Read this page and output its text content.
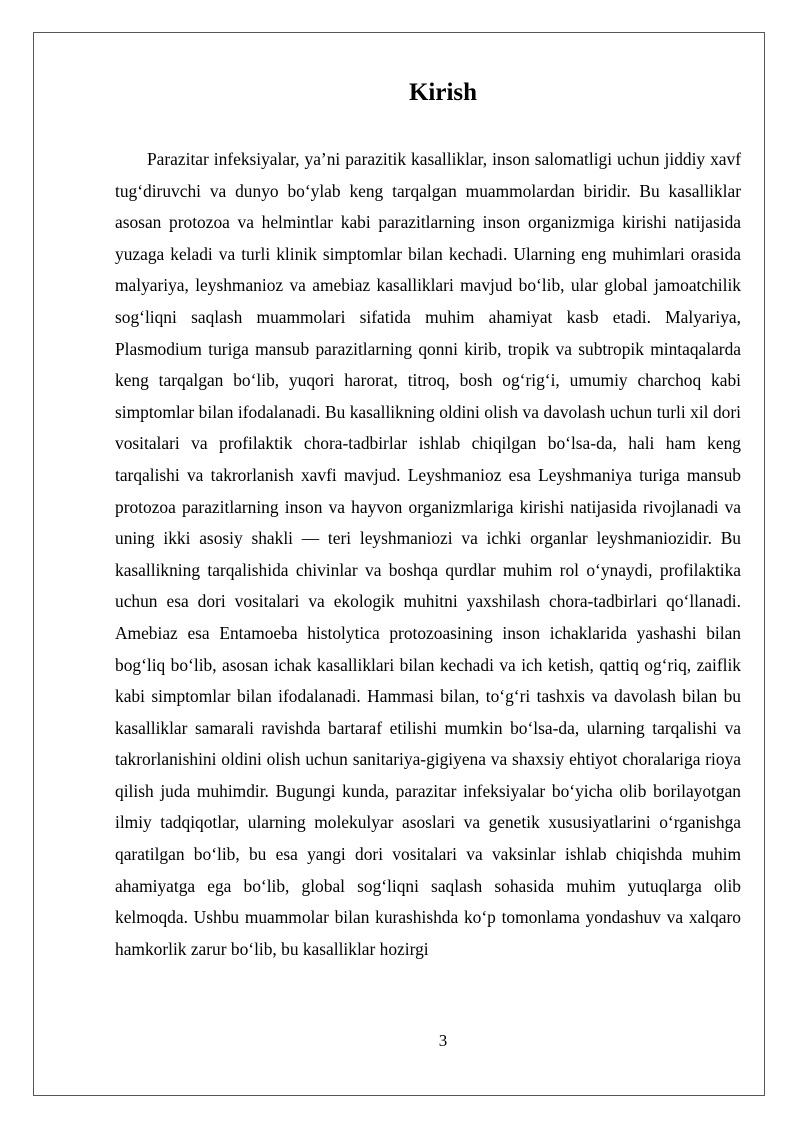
Kirish

Parazitar infeksiyalar, ya’ni parazitik kasalliklar, inson salomatligi uchun jiddiy xavf tug‘diruvchi va dunyo bo‘ylab keng tarqalgan muammolardan biridir. Bu kasalliklar asosan protozoa va helmintlar kabi parazitlarning inson organizmiga kirishi natijasida yuzaga keladi va turli klinik simptomlar bilan kechadi. Ularning eng muhimlari orasida malyariya, leyshmanioz va amebiaz kasalliklari mavjud bo‘lib, ular global jamoatchilik sog‘liqni saqlash muammolari sifatida muhim ahamiyat kasb etadi. Malyariya, Plasmodium turiga mansub parazitlarning qonni kirib, tropik va subtropik mintaqalarda keng tarqalgan bo‘lib, yuqori harorat, titroq, bosh og‘rig‘i, umumiy charchoq kabi simptomlar bilan ifodalanadi. Bu kasallikning oldini olish va davolash uchun turli xil dori vositalari va profilaktik chora-tadbirlar ishlab chiqilgan bo‘lsa-da, hali ham keng tarqalishi va takrorlanish xavfi mavjud. Leyshmanioz esa Leyshmaniya turiga mansub protozoa parazitlarning inson va hayvon organizmlariga kirishi natijasida rivojlanadi va uning ikki asosiy shakli — teri leyshmaniozi va ichki organlar leyshmaniozidir. Bu kasallikning tarqalishida chivinlar va boshqa qurdlar muhim rol o‘ynaydi, profilaktika uchun esa dori vositalari va ekologik muhitni yaxshilash chora-tadbirlari qo‘llanadi. Amebiaz esa Entamoeba histolytica protozoasining inson ichaklarida yashashi bilan bog‘liq bo‘lib, asosan ichak kasalliklari bilan kechadi va ich ketish, qattiq og‘riq, zaiflik kabi simptomlar bilan ifodalanadi. Hammasi bilan, to‘g‘ri tashxis va davolash bilan bu kasalliklar samarali ravishda bartaraf etilishi mumkin bo‘lsa-da, ularning tarqalishi va takrorlanishini oldini olish uchun sanitariya-gigiyena va shaxsiy ehtiyot choralariga rioya qilish juda muhimdir. Bugungi kunda, parazitar infeksiyalar bo‘yicha olib borilayotgan ilmiy tadqiqotlar, ularning molekulyar asoslari va genetik xususiyatlarini o‘rganishga qaratilgan bo‘lib, bu esa yangi dori vositalari va vaksinlar ishlab chiqishda muhim ahamiyatga ega bo‘lib, global sog‘liqni saqlash sohasida muhim yutuqlarga olib kelmoqda. Ushbu muammolar bilan kurashishda ko‘p tomonlama yondashuv va xalqaro hamkorlik zarur bo‘lib, bu kasalliklar hozirgi

3
